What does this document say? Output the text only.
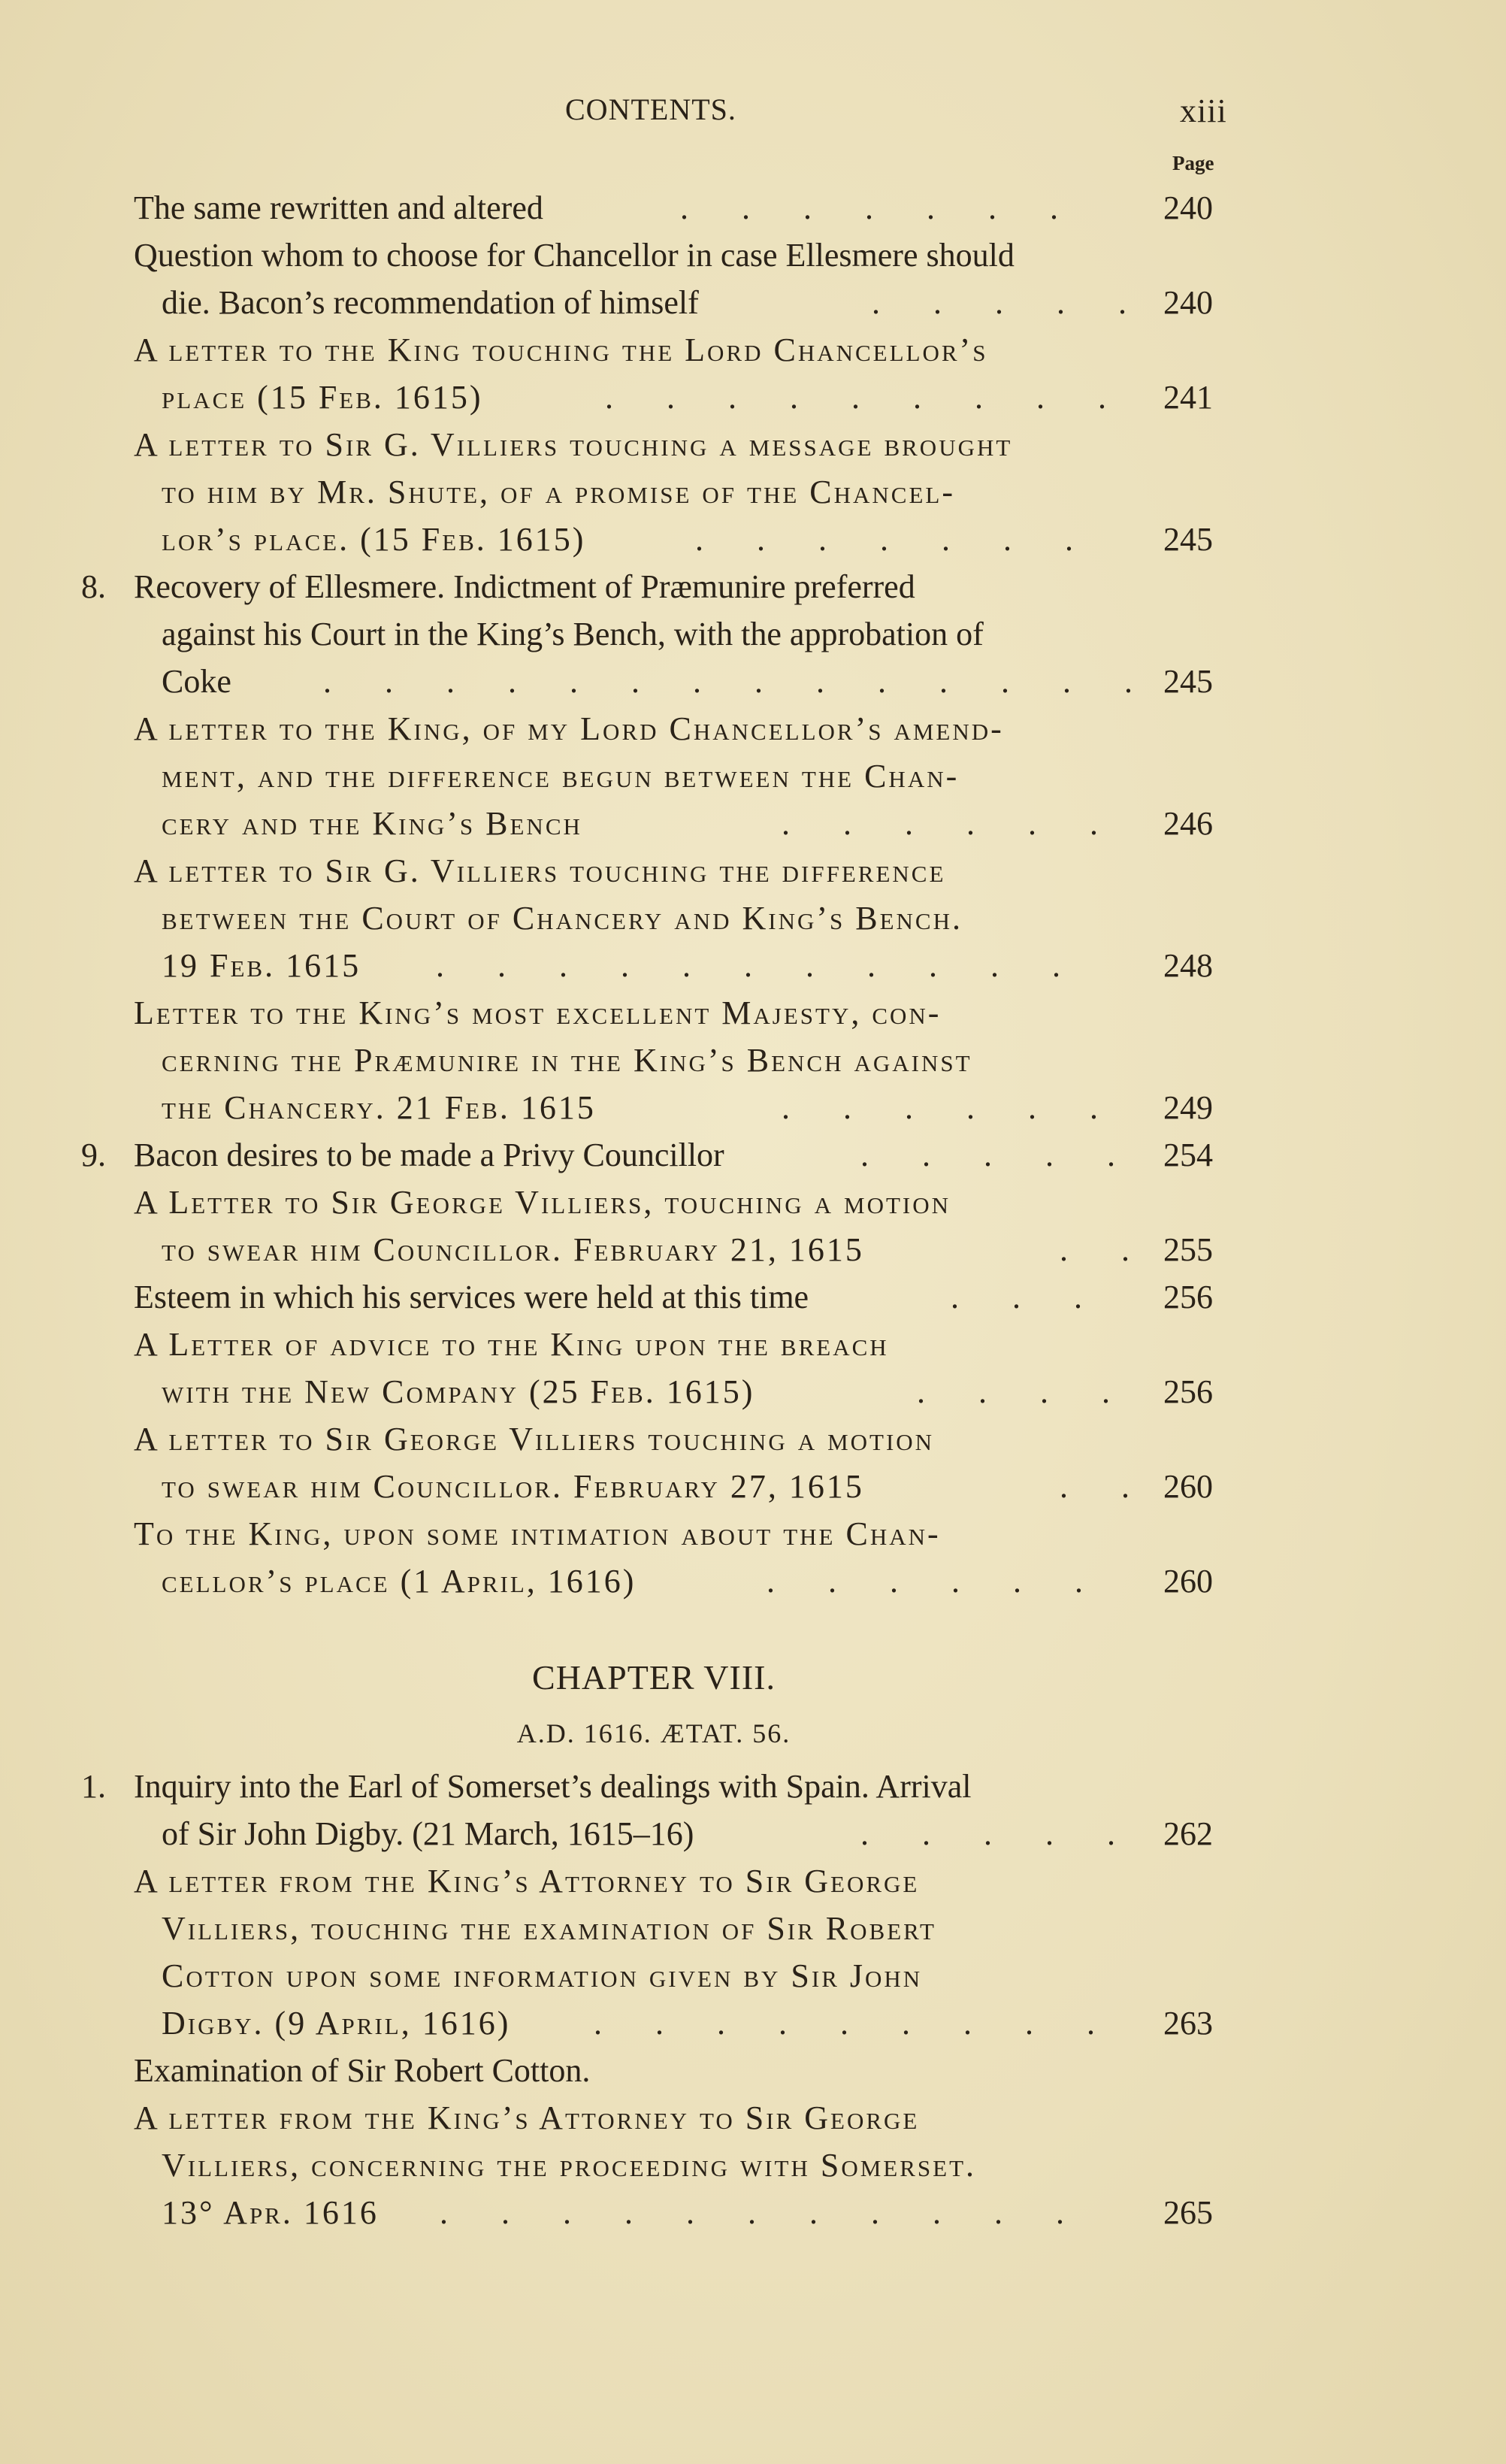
CONTENTS.	xiii
Page
The same rewritten and altered	. . . . . . .	240
Question whom to choose for Chancellor in case Ellesmere should
die. Bacon’s recommendation of himself	. . . . . 240
A letter to the King touching the Lord Chancellor’s
place (15 Feb. 1615)	. . . . . . . . . 241
A letter to Sir G. Villiers touching a message brought
to him by Mr. Shute, of a promise of the Chancel-
lor’s place. (15 Feb. 1615)	. . . . . . . 245
8. Recovery of Ellesmere. Indictment of Præmunire preferred
against his Court in the King’s Bench, with the approbation of
Coke	. . . . . . . . . . . . . . 245
A letter to the King, of my Lord Chancellor’s amend-
ment, and the difference begun between the Chan-
cery and the King’s Bench	. . . . . . 246
A letter to Sir G. Villiers touching the difference
between the Court of Chancery and King’s Bench.
19 Feb. 1615 . . . . . . . . . . . 248
Letter to the King’s most excellent Majesty, con-
cerning the Præmunire in the King’s Bench against
the Chancery. 21 Feb. 1615	. . . . . . 249
9. Bacon desires to be made a Privy Councillor	. . . . . 254
A Letter to Sir George Villiers, touching a motion
to swear him Councillor. February 21, 1615	. . 255
Esteem in which his services were held at this time	. . . 256
A Letter of advice to the King upon the breach
with the New Company (25 Feb. 1615)	. . . . 256
A letter to Sir George Villiers touching a motion
to swear him Councillor. February 27, 1615	. . 260
To the King, upon some intimation about the Chan-
cellor’s place (1 April, 1616)	. . . . . . 260
CHAPTER VIII.
A.D. 1616. ÆTAT. 56.
1. Inquiry into the Earl of Somerset’s dealings with Spain. Arrival
of Sir John Digby. (21 March, 1615–16)	. . . . . 262
A letter from the King’s Attorney to Sir George
Villiers, touching the examination of Sir Robert
Cotton upon some information given by Sir John
Digby. (9 April, 1616)	. . . . . . . . . 263
Examination of Sir Robert Cotton.
A letter from the King’s Attorney to Sir George
Villiers, concerning the proceeding with Somerset.
13° Apr. 1616 . . . . . . . . . . . 265
